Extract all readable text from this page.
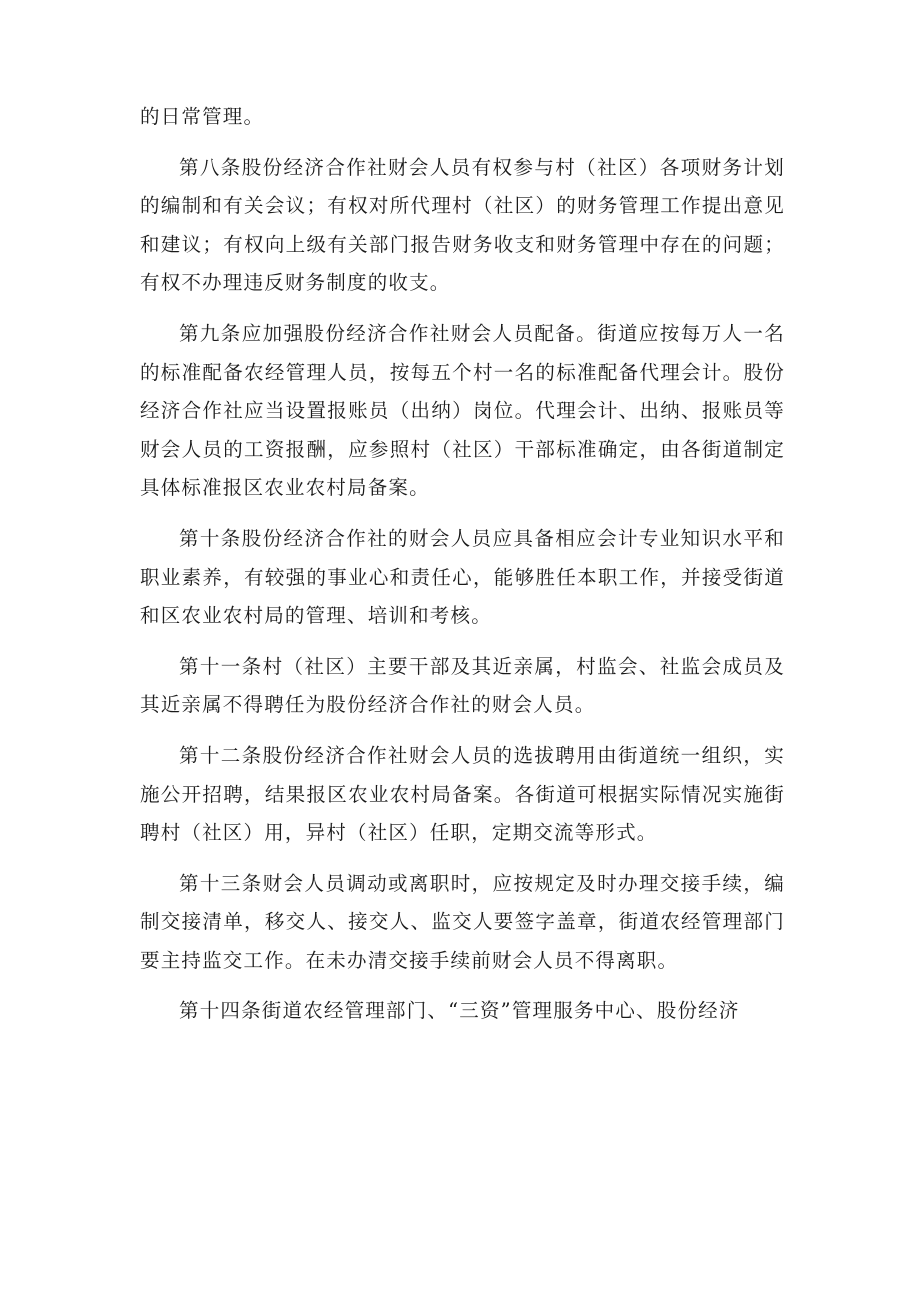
的日常管理。

第八条股份经济合作社财会人员有权参与村（社区）各项财务计划的编制和有关会议；有权对所代理村（社区）的财务管理工作提出意见和建议；有权向上级有关部门报告财务收支和财务管理中存在的问题；有权不办理违反财务制度的收支。

第九条应加强股份经济合作社财会人员配备。街道应按每万人一名的标准配备农经管理人员，按每五个村一名的标准配备代理会计。股份经济合作社应当设置报账员（出纳）岗位。代理会计、出纳、报账员等财会人员的工资报酬，应参照村（社区）干部标准确定，由各街道制定具体标准报区农业农村局备案。

第十条股份经济合作社的财会人员应具备相应会计专业知识水平和职业素养，有较强的事业心和责任心，能够胜任本职工作，并接受街道和区农业农村局的管理、培训和考核。

第十一条村（社区）主要干部及其近亲属，村监会、社监会成员及其近亲属不得聘任为股份经济合作社的财会人员。

第十二条股份经济合作社财会人员的选拔聘用由街道统一组织，实施公开招聘，结果报区农业农村局备案。各街道可根据实际情况实施街聘村（社区）用，异村（社区）任职，定期交流等形式。

第十三条财会人员调动或离职时，应按规定及时办理交接手续，编制交接清单，移交人、接交人、监交人要签字盖章，街道农经管理部门要主持监交工作。在未办清交接手续前财会人员不得离职。

第十四条街道农经管理部门、“三资”管理服务中心、股份经济
